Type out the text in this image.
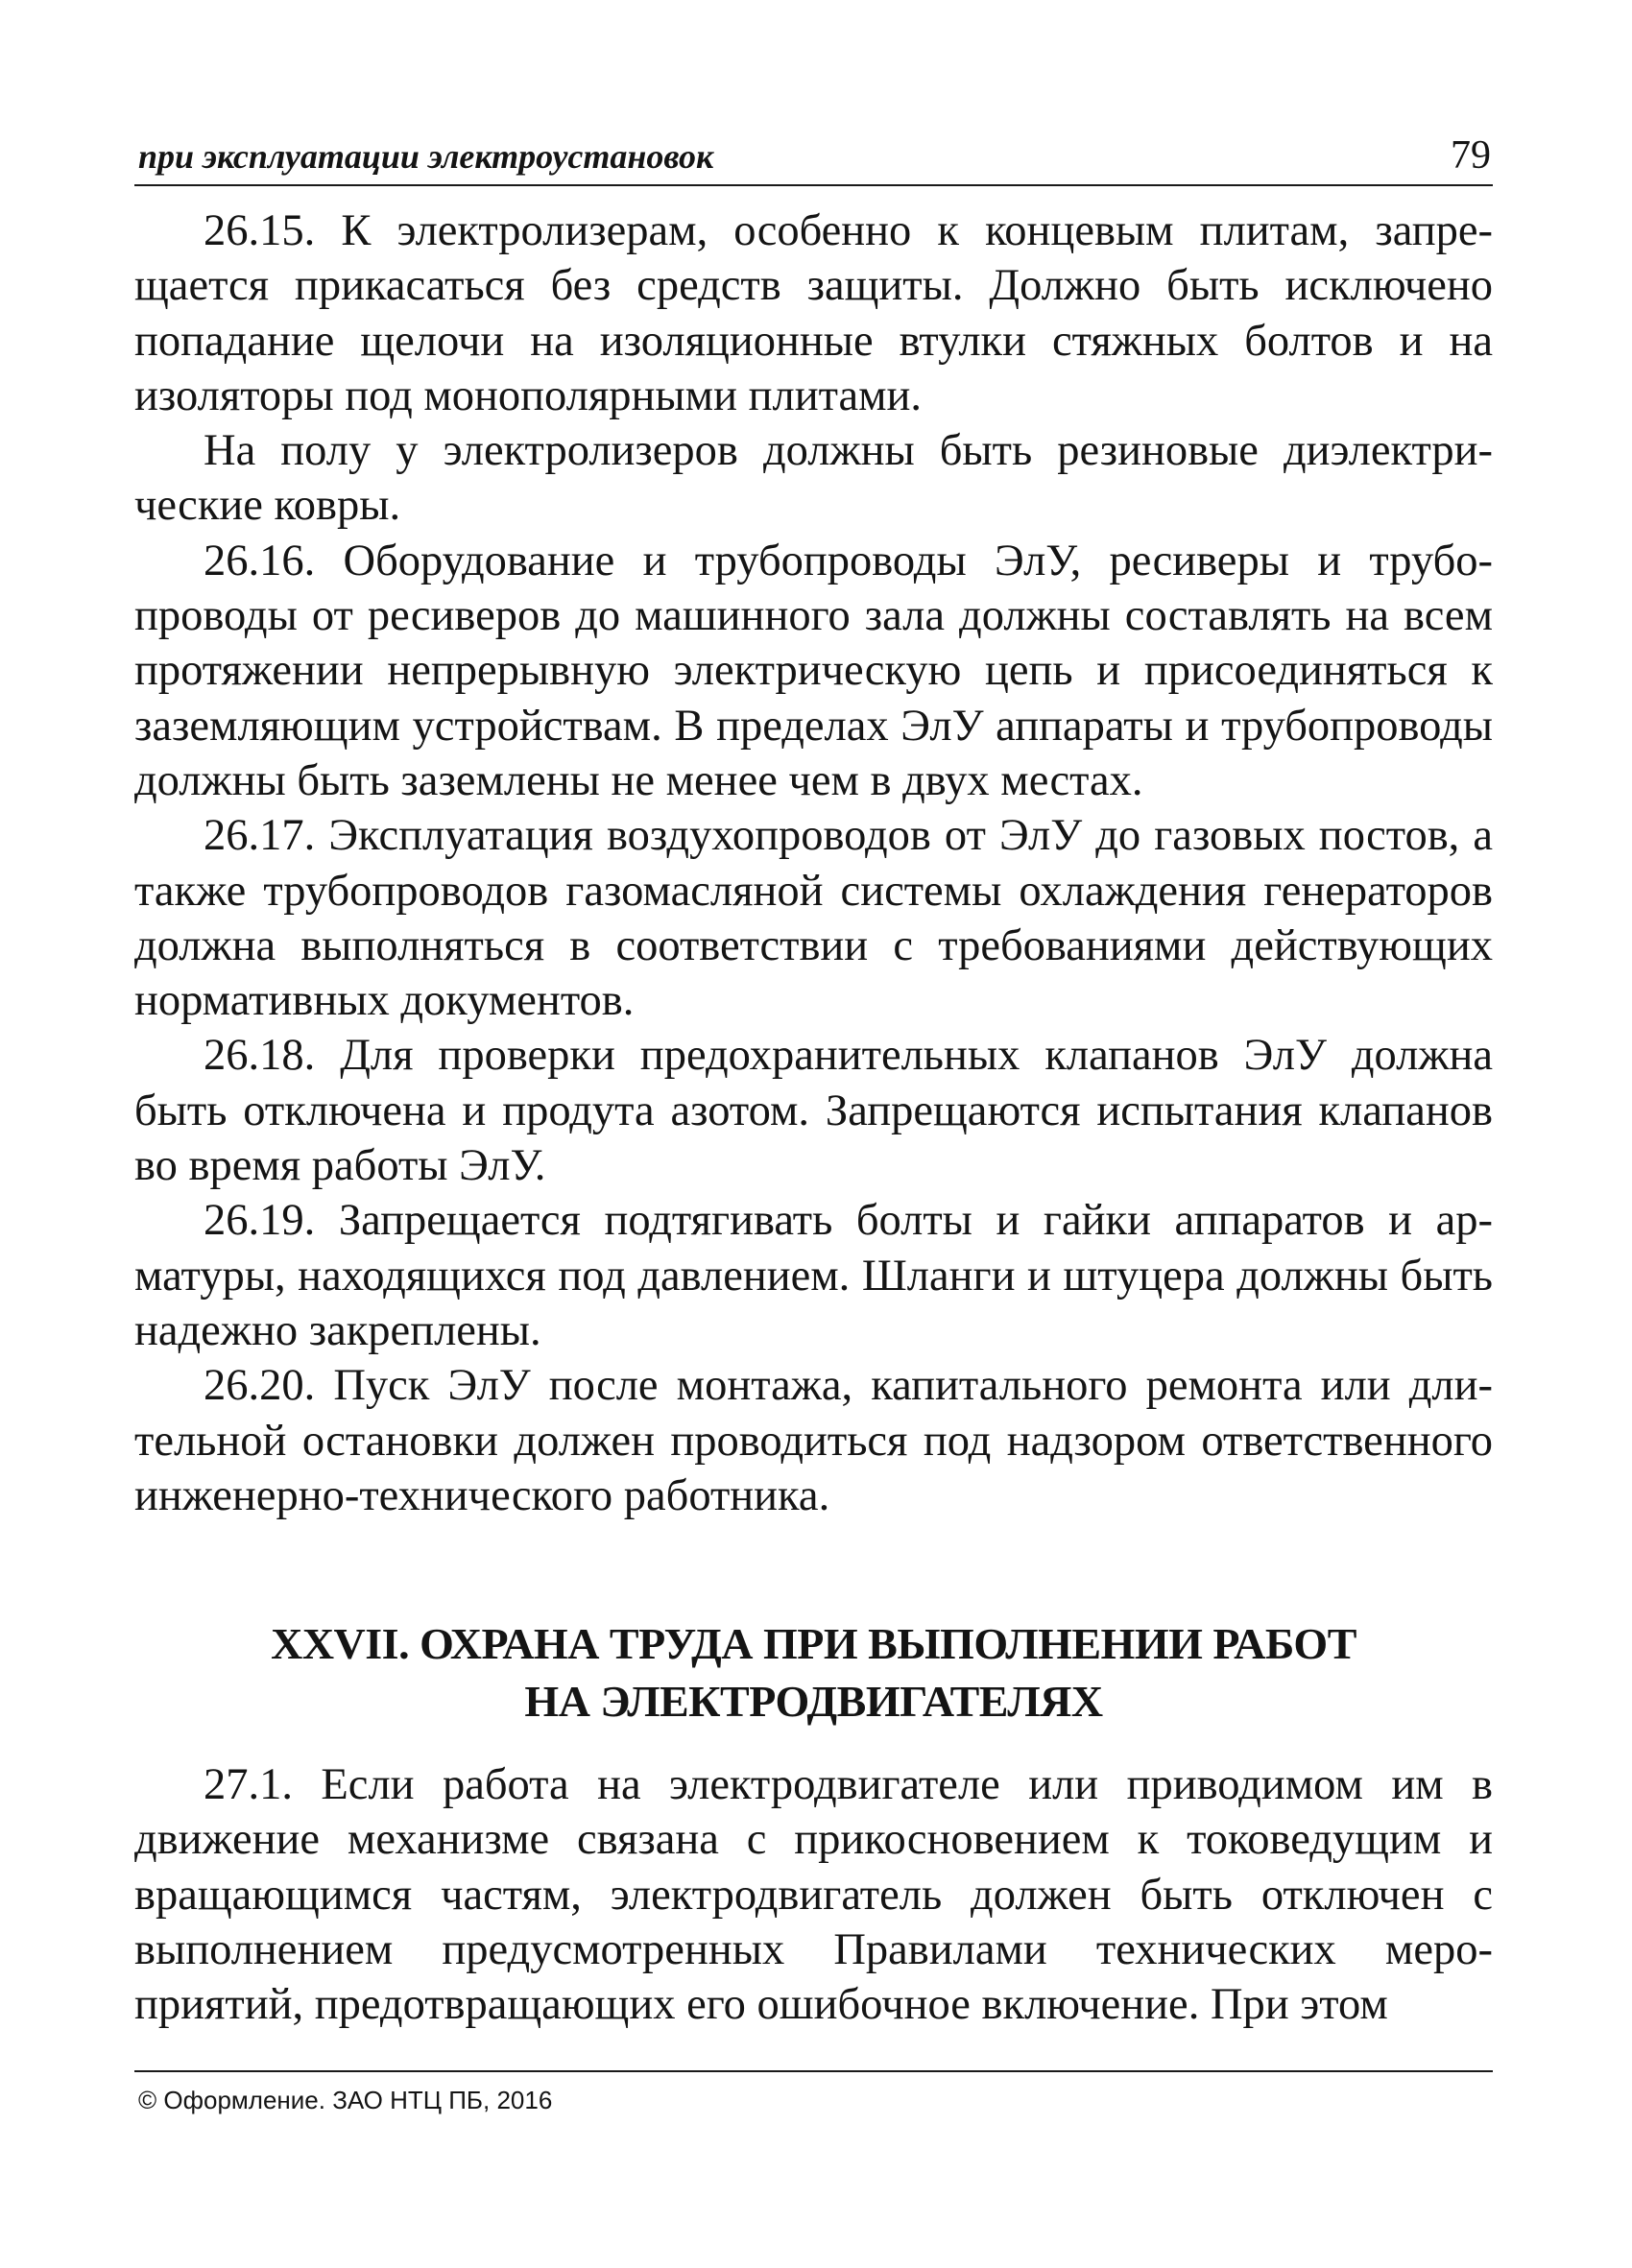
при эксплуатации электроустановок	79

26.15. К электролизерам, особенно к концевым плитам, запрещается прикасаться без средств защиты. Должно быть исключено попадание щелочи на изоляционные втулки стяжных болтов и на изоляторы под монополярными плитами.

На полу у электролизеров должны быть резиновые диэлектрические ковры.

26.16. Оборудование и трубопроводы ЭлУ, ресиверы и трубопроводы от ресиверов до машинного зала должны составлять на всем протяжении непрерывную электрическую цепь и присоединяться к заземляющим устройствам. В пределах ЭлУ аппараты и трубопроводы должны быть заземлены не менее чем в двух местах.

26.17. Эксплуатация воздухопроводов от ЭлУ до газовых постов, а также трубопроводов газомасляной системы охлаждения генераторов должна выполняться в соответствии с требованиями действующих нормативных документов.

26.18. Для проверки предохранительных клапанов ЭлУ должна быть отключена и продута азотом. Запрещаются испытания клапанов во время работы ЭлУ.

26.19. Запрещается подтягивать болты и гайки аппаратов и арматуры, находящихся под давлением. Шланги и штуцера должны быть надежно закреплены.

26.20. Пуск ЭлУ после монтажа, капитального ремонта или длительной остановки должен проводиться под надзором ответственного инженерно-технического работника.

XXVII. ОХРАНА ТРУДА ПРИ ВЫПОЛНЕНИИ РАБОТ
НА ЭЛЕКТРОДВИГАТЕЛЯХ

27.1. Если работа на электродвигателе или приводимом им в движение механизме связана с прикосновением к токоведущим и вращающимся частям, электродвигатель должен быть отключен с выполнением предусмотренных Правилами технических мероприятий, предотвращающих его ошибочное включение. При этом

© Оформление. ЗАО НТЦ ПБ, 2016
